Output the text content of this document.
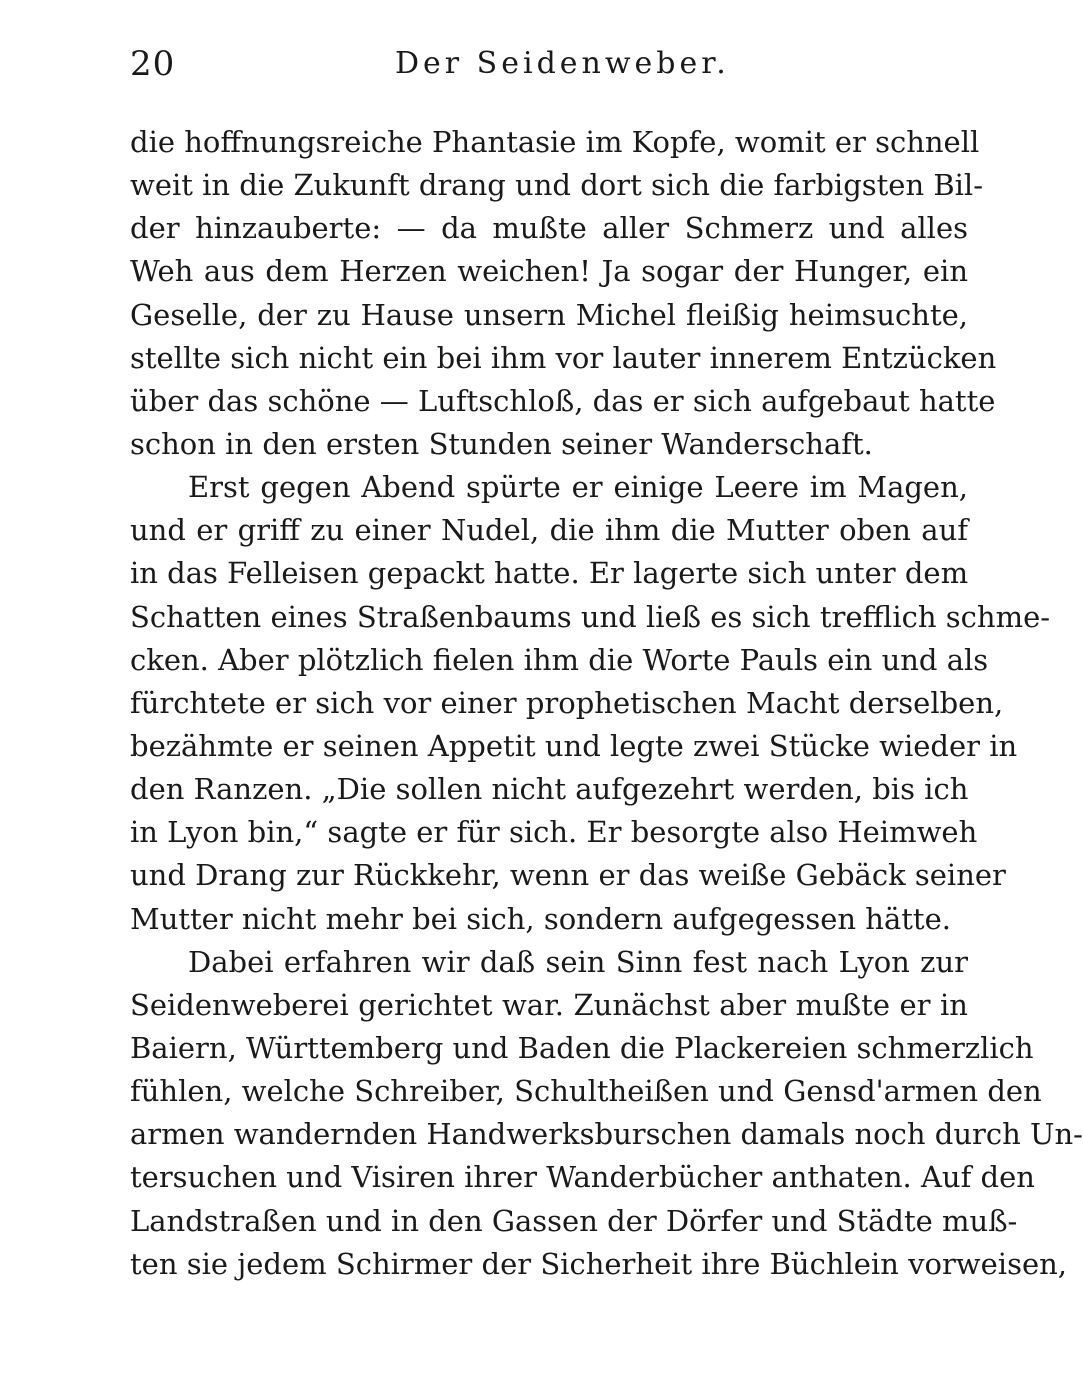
20	Der Seidenweber.
die hoffnungsreiche Phantasie im Kopfe, womit er schnell
weit in die Zukunft drang und dort sich die farbigsten Bil-
der hinzauberte: — da mußte aller Schmerz und alles
Weh aus dem Herzen weichen! Ja sogar der Hunger, ein
Geselle, der zu Hause unsern Michel fleißig heimsuchte,
stellte sich nicht ein bei ihm vor lauter innerem Entzücken
über das schöne — Luftschloß, das er sich aufgebaut hatte
schon in den ersten Stunden seiner Wanderschaft.
Erst gegen Abend spürte er einige Leere im Magen,
und er griff zu einer Nudel, die ihm die Mutter oben auf
in das Felleisen gepackt hatte. Er lagerte sich unter dem
Schatten eines Straßenbaums und ließ es sich trefflich schme-
cken. Aber plötzlich fielen ihm die Worte Pauls ein und als
fürchtete er sich vor einer prophetischen Macht derselben,
bezähmte er seinen Appetit und legte zwei Stücke wieder in
den Ranzen. „Die sollen nicht aufgezehrt werden, bis ich
in Lyon bin,“ sagte er für sich. Er besorgte also Heimweh
und Drang zur Rückkehr, wenn er das weiße Gebäck seiner
Mutter nicht mehr bei sich, sondern aufgegessen hätte.
Dabei erfahren wir daß sein Sinn fest nach Lyon zur
Seidenweberei gerichtet war. Zunächst aber mußte er in
Baiern, Württemberg und Baden die Plackereien schmerzlich
fühlen, welche Schreiber, Schultheißen und Gensd'armen den
armen wandernden Handwerksburschen damals noch durch Un-
tersuchen und Visiren ihrer Wanderbücher anthaten. Auf den
Landstraßen und in den Gassen der Dörfer und Städte muß-
ten sie jedem Schirmer der Sicherheit ihre Büchlein vorweisen,
